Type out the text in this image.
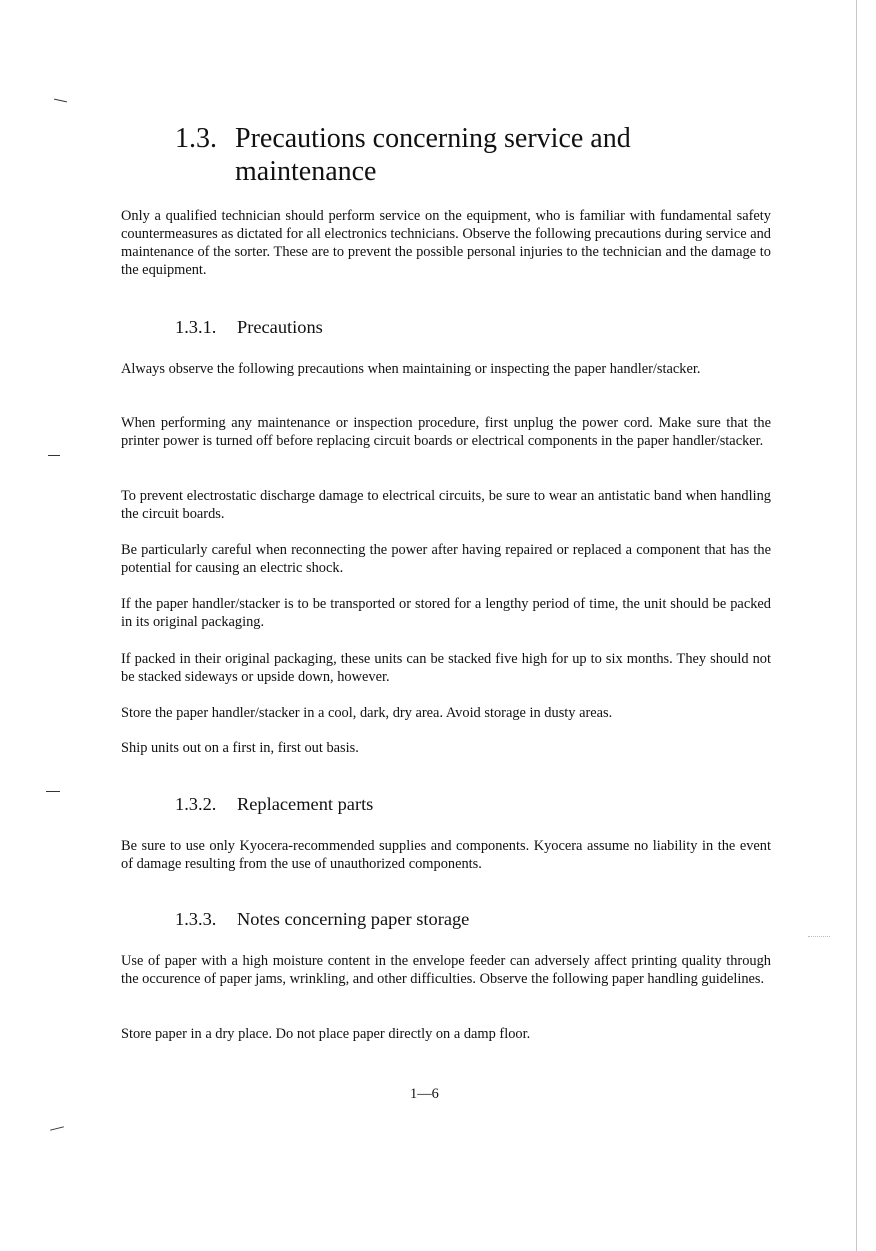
1.3. Precautions concerning service and maintenance

Only a qualified technician should perform service on the equipment, who is familiar with fundamental safety countermeasures as dictated for all electronics technicians. Observe the following precautions during service and maintenance of the sorter. These are to prevent the possible personal injuries to the technician and the damage to the equipment.

1.3.1. Precautions

Always observe the following precautions when maintaining or inspecting the paper handler/stacker.

When performing any maintenance or inspection procedure, first unplug the power cord. Make sure that the printer power is turned off before replacing circuit boards or electrical components in the paper handler/stacker.

To prevent electrostatic discharge damage to electrical circuits, be sure to wear an antistatic band when handling the circuit boards.

Be particularly careful when reconnecting the power after having repaired or replaced a component that has the potential for causing an electric shock.

If the paper handler/stacker is to be transported or stored for a lengthy period of time, the unit should be packed in its original packaging.

If packed in their original packaging, these units can be stacked five high for up to six months. They should not be stacked sideways or upside down, however.

Store the paper handler/stacker in a cool, dark, dry area. Avoid storage in dusty areas.

Ship units out on a first in, first out basis.

1.3.2. Replacement parts

Be sure to use only Kyocera-recommended supplies and components. Kyocera assume no liability in the event of damage resulting from the use of unauthorized components.

1.3.3. Notes concerning paper storage

Use of paper with a high moisture content in the envelope feeder can adversely affect printing quality through the occurence of paper jams, wrinkling, and other difficulties. Observe the following paper handling guidelines.

Store paper in a dry place. Do not place paper directly on a damp floor.

1—6
